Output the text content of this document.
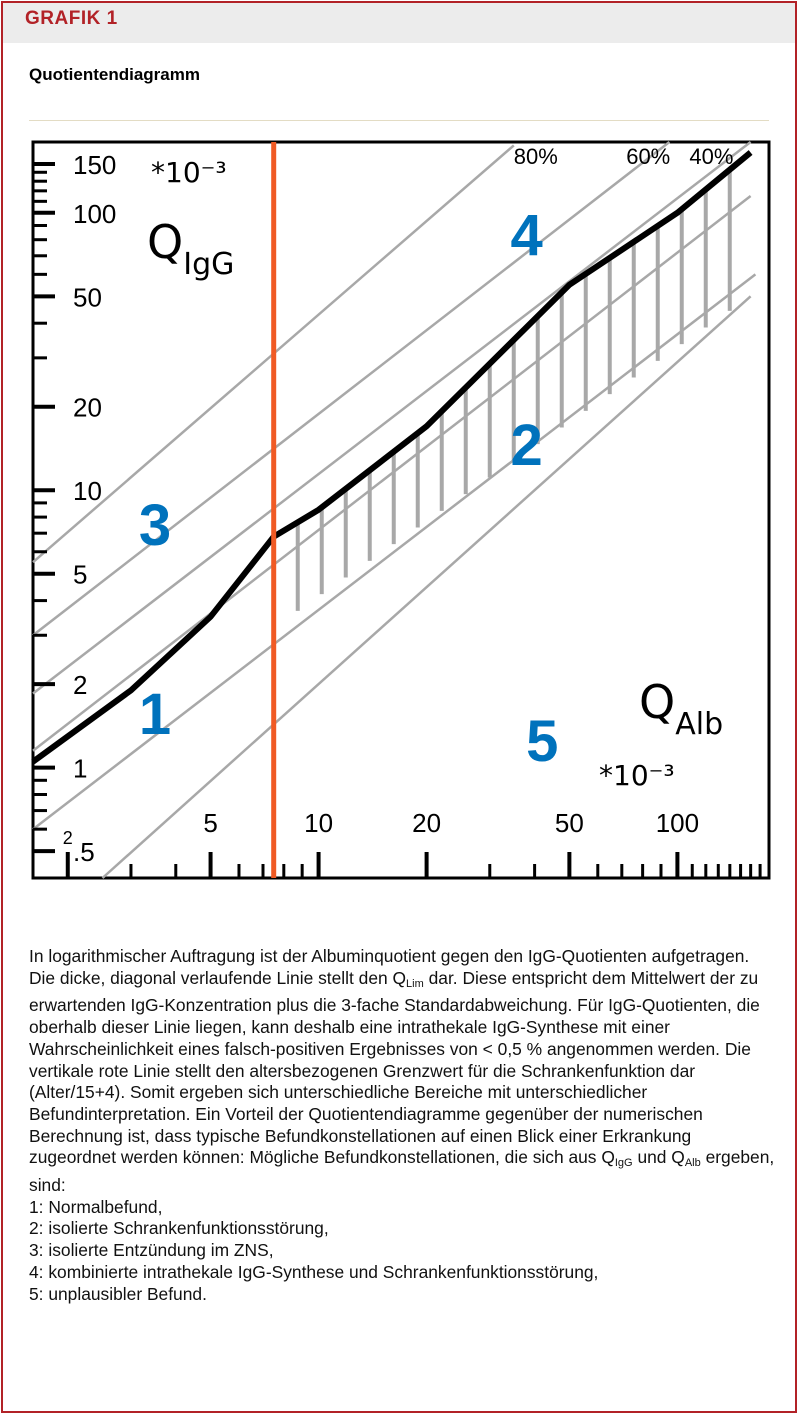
GRAFIK 1
Quotientendiagramm
80%	60% 40%
.5
1
2
5
10
20
50
100
150
2	5	10	20	50	100
$Q_{IgG}$
$Q_{Alb}$
*10⁻³
*10⁻³
1
2
3
4
5

In logarithmischer Auftragung ist der Albuminquotient gegen den IgG-Quotienten aufgetragen. Die dicke, diagonal verlaufende Linie stellt den $Q_{Lim}$ dar. Diese entspricht dem Mittelwert der zu erwartenden IgG-Konzentration plus die 3-fache Standardabweichung. Für IgG-Quotienten, die oberhalb dieser Linie liegen, kann deshalb eine intrathekale IgG-Synthese mit einer Wahrscheinlichkeit eines falsch-positiven Ergebnisses von < 0,5 % angenommen werden. Die vertikale rote Linie stellt den altersbezogenen Grenzwert für die Schrankenfunktion dar (Alter/15+4). Somit ergeben sich unterschiedliche Bereiche mit unterschiedlicher Befundinterpretation. Ein Vorteil der Quotientendiagramme gegenüber der numerischen Berechnung ist, dass typische Befundkonstellationen auf einen Blick einer Erkrankung zugeordnet werden können: Mögliche Befundkonstellationen, die sich aus $Q_{IgG}$ und $Q_{Alb}$ ergeben, sind:

1: Normalbefund,

2: isolierte Schrankenfunktionsstörung,

3: isolierte Entzündung im ZNS,

4: kombinierte intrathekale IgG-Synthese und Schrankenfunktionsstörung,

5: unplausibler Befund.
